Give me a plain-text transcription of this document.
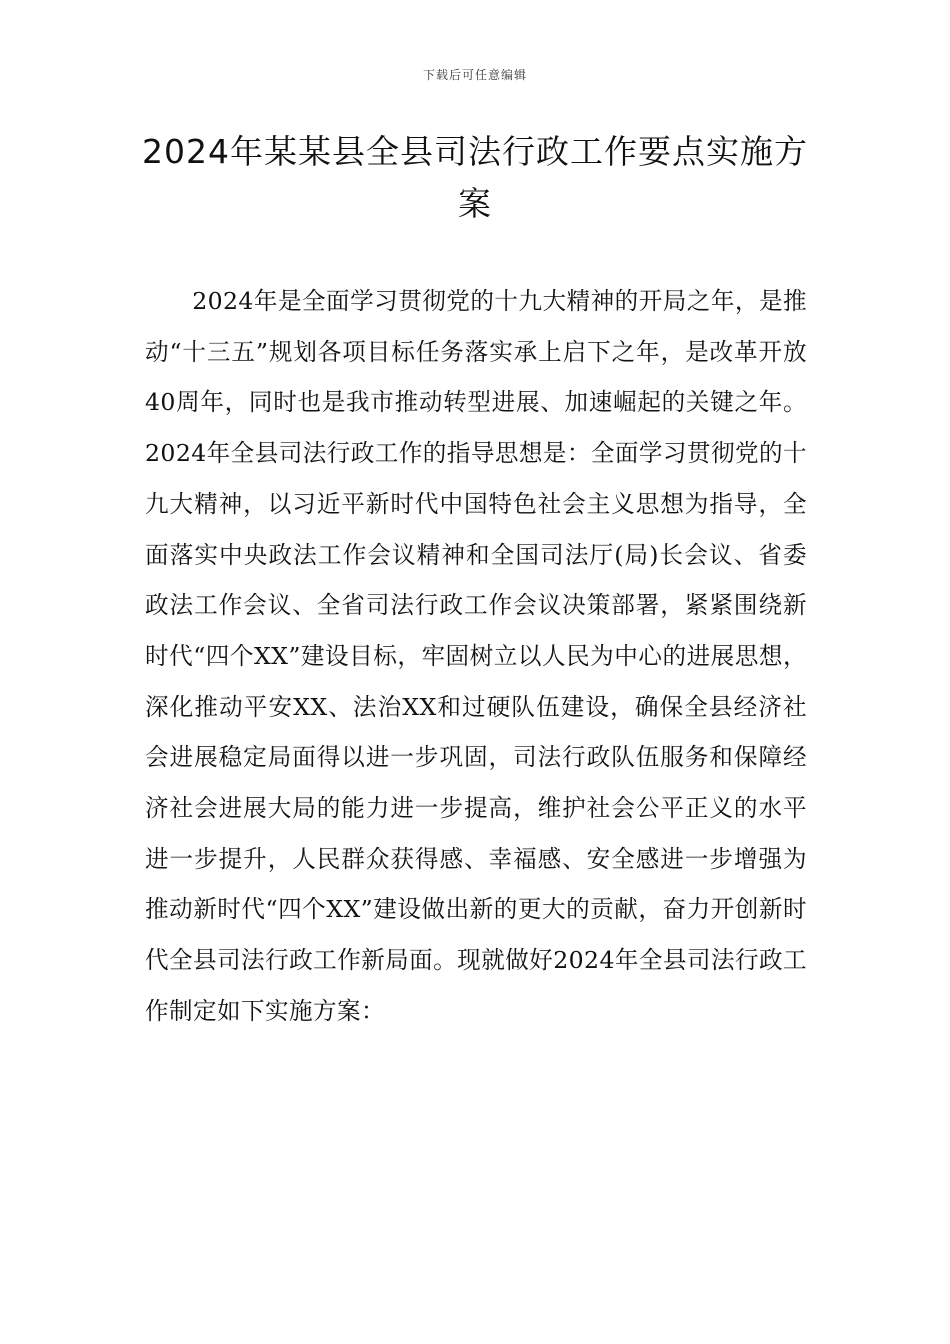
下载后可任意编辑
2024年某某县全县司法行政工作要点实施方案

2024年是全面学习贯彻党的十九大精神的开局之年，是推动“十三五”规划各项目标任务落实承上启下之年，是改革开放40周年，同时也是我市推动转型进展、加速崛起的关键之年。2024年全县司法行政工作的指导思想是：全面学习贯彻党的十九大精神，以习近平新时代中国特色社会主义思想为指导，全面落实中央政法工作会议精神和全国司法厅(局)长会议、省委政法工作会议、全省司法行政工作会议决策部署，紧紧围绕新时代“四个XX”建设目标，牢固树立以人民为中心的进展思想，深化推动平安XX、法治XX和过硬队伍建设，确保全县经济社会进展稳定局面得以进一步巩固，司法行政队伍服务和保障经济社会进展大局的能力进一步提高，维护社会公平正义的水平进一步提升，人民群众获得感、幸福感、安全感进一步增强为推动新时代“四个XX”建设做出新的更大的贡献，奋力开创新时代全县司法行政工作新局面。现就做好2024年全县司法行政工作制定如下实施方案：
